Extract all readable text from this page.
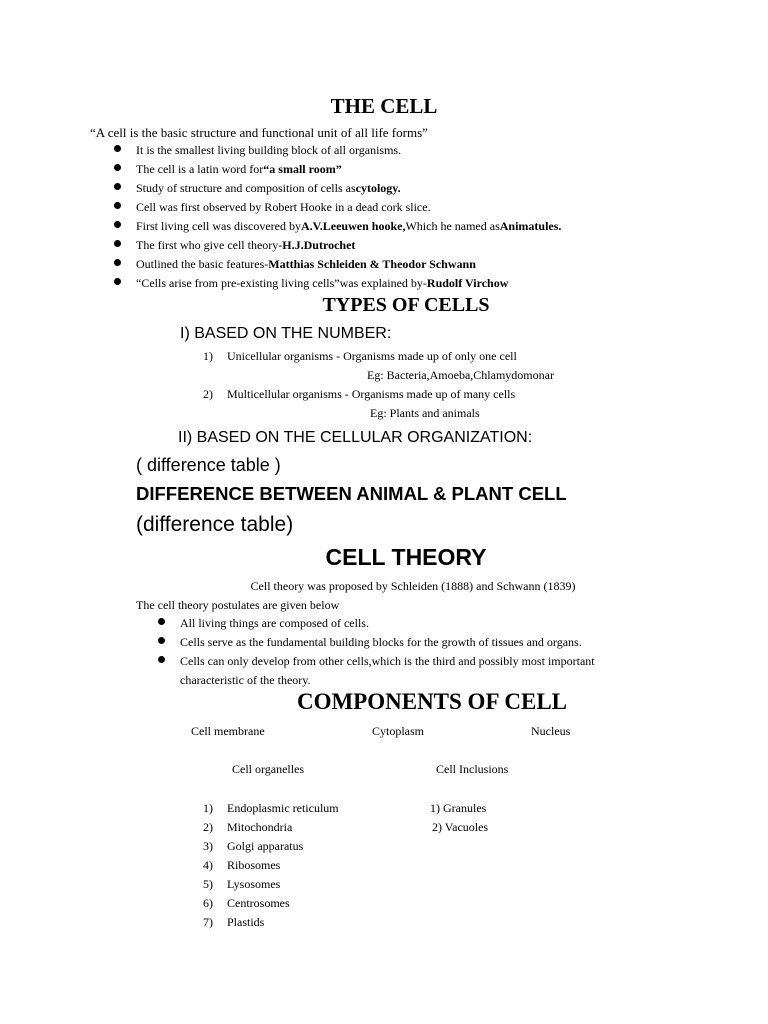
THE CELL
“A cell is the basic structure and functional unit of all life forms”
It is the smallest living building block of all organisms.
The cell is a latin word for “a small room”
Study of structure and composition of cells as cytology.
Cell was first observed by Robert Hooke in a dead cork slice.
First living cell was discovered by A.V.Leeuwen hooke, Which he named as Animatules.
The first who give cell theory- H.J.Dutrochet
Outlined the basic features- Matthias Schleiden & Theodor Schwann
“Cells arise from pre-existing living cells”was explained by- Rudolf Virchow
TYPES OF CELLS
I) BASED ON THE NUMBER:
1) Unicellular organisms - Organisms made up of only one cell
Eg: Bacteria,Amoeba,Chlamydomonar
2) Multicellular organisms - Organisms made up of many cells
Eg: Plants and animals
II) BASED ON THE CELLULAR ORGANIZATION:
( difference table )
DIFFERENCE BETWEEN ANIMAL & PLANT CELL
(difference table)
CELL THEORY
Cell theory was proposed by Schleiden (1888) and Schwann (1839)
The cell theory postulates are given below
All living things are composed of cells.
Cells serve as the fundamental building blocks for the growth of tissues and organs.
Cells can only develop from other cells,which is the third and possibly most important
characteristic of the theory.
COMPONENTS OF CELL
Cell membrane	Cytoplasm	Nucleus
Cell organelles	Cell Inclusions
1) Endoplasmic reticulum
2) Mitochondria
3) Golgi apparatus
4) Ribosomes
5) Lysosomes
6) Centrosomes
7) Plastids
1) Granules
2) Vacuoles
